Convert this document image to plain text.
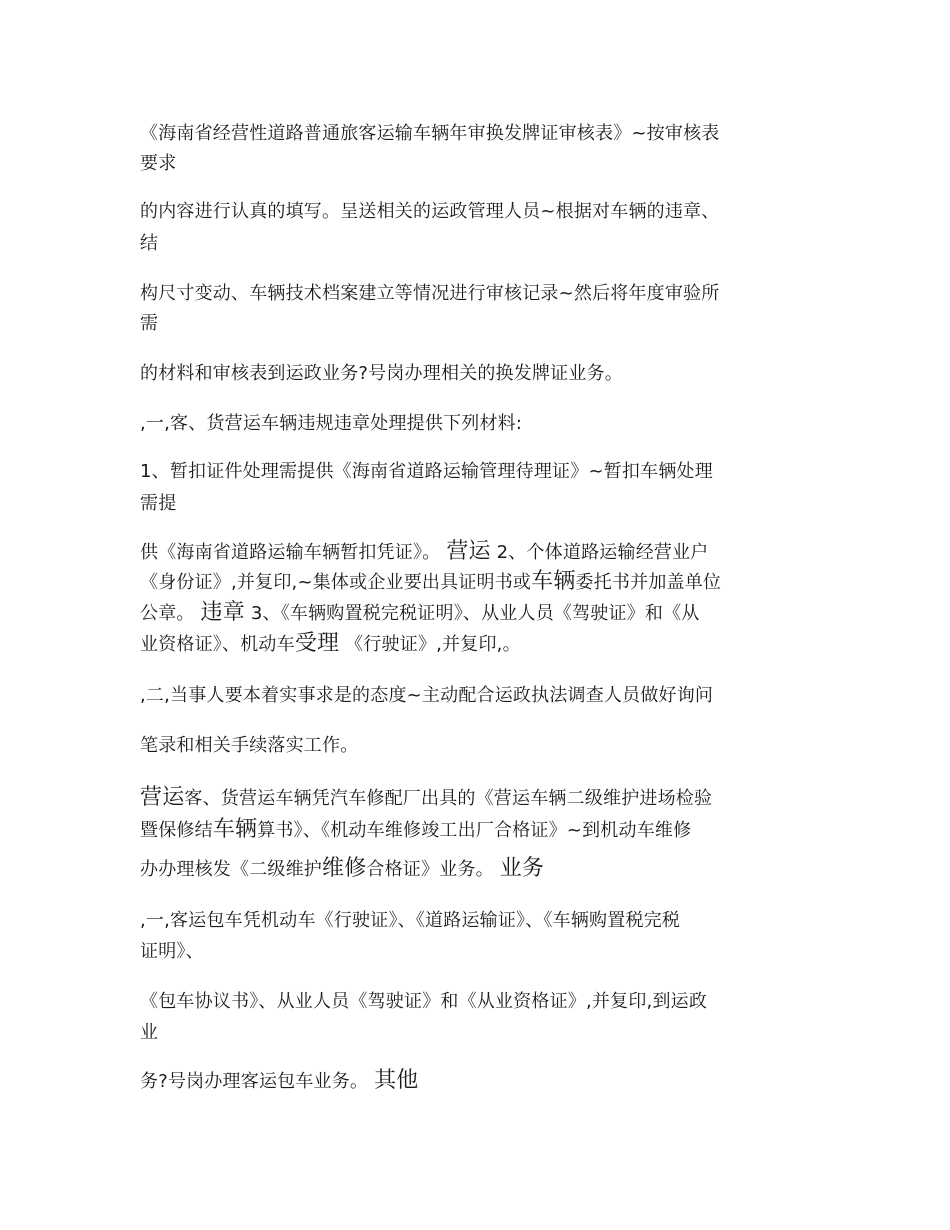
《海南省经营性道路普通旅客运输车辆年审换发牌证审核表》~按审核表
要求
的内容进行认真的填写。呈送相关的运政管理人员~根据对车辆的违章、
结
构尺寸变动、车辆技术档案建立等情况进行审核记录~然后将年度审验所
需
的材料和审核表到运政业务?号岗办理相关的换发牌证业务。
,一,客、货营运车辆违规违章处理提供下列材料:
1、暂扣证件处理需提供《海南省道路运输管理待理证》~暂扣车辆处理
需提
供《海南省道路运输车辆暂扣凭证》。 营运 2、个体道路运输经营业户
《身份证》,并复印,~集体或企业要出具证明书或车辆委托书并加盖单位
公章。 违章 3、《车辆购置税完税证明》、从业人员《驾驶证》和《从
业资格证》、机动车受理 《行驶证》,并复印,。
,二,当事人要本着实事求是的态度~主动配合运政执法调查人员做好询问
笔录和相关手续落实工作。
营运客、货营运车辆凭汽车修配厂出具的《营运车辆二级维护进场检验
暨保修结车辆算书》、《机动车维修竣工出厂合格证》~到机动车维修
办办理核发《二级维护维修合格证》业务。 业务
,一,客运包车凭机动车《行驶证》、《道路运输证》、《车辆购置税完税
证明》、
《包车协议书》、从业人员《驾驶证》和《从业资格证》,并复印,到运政
业
务?号岗办理客运包车业务。 其他
